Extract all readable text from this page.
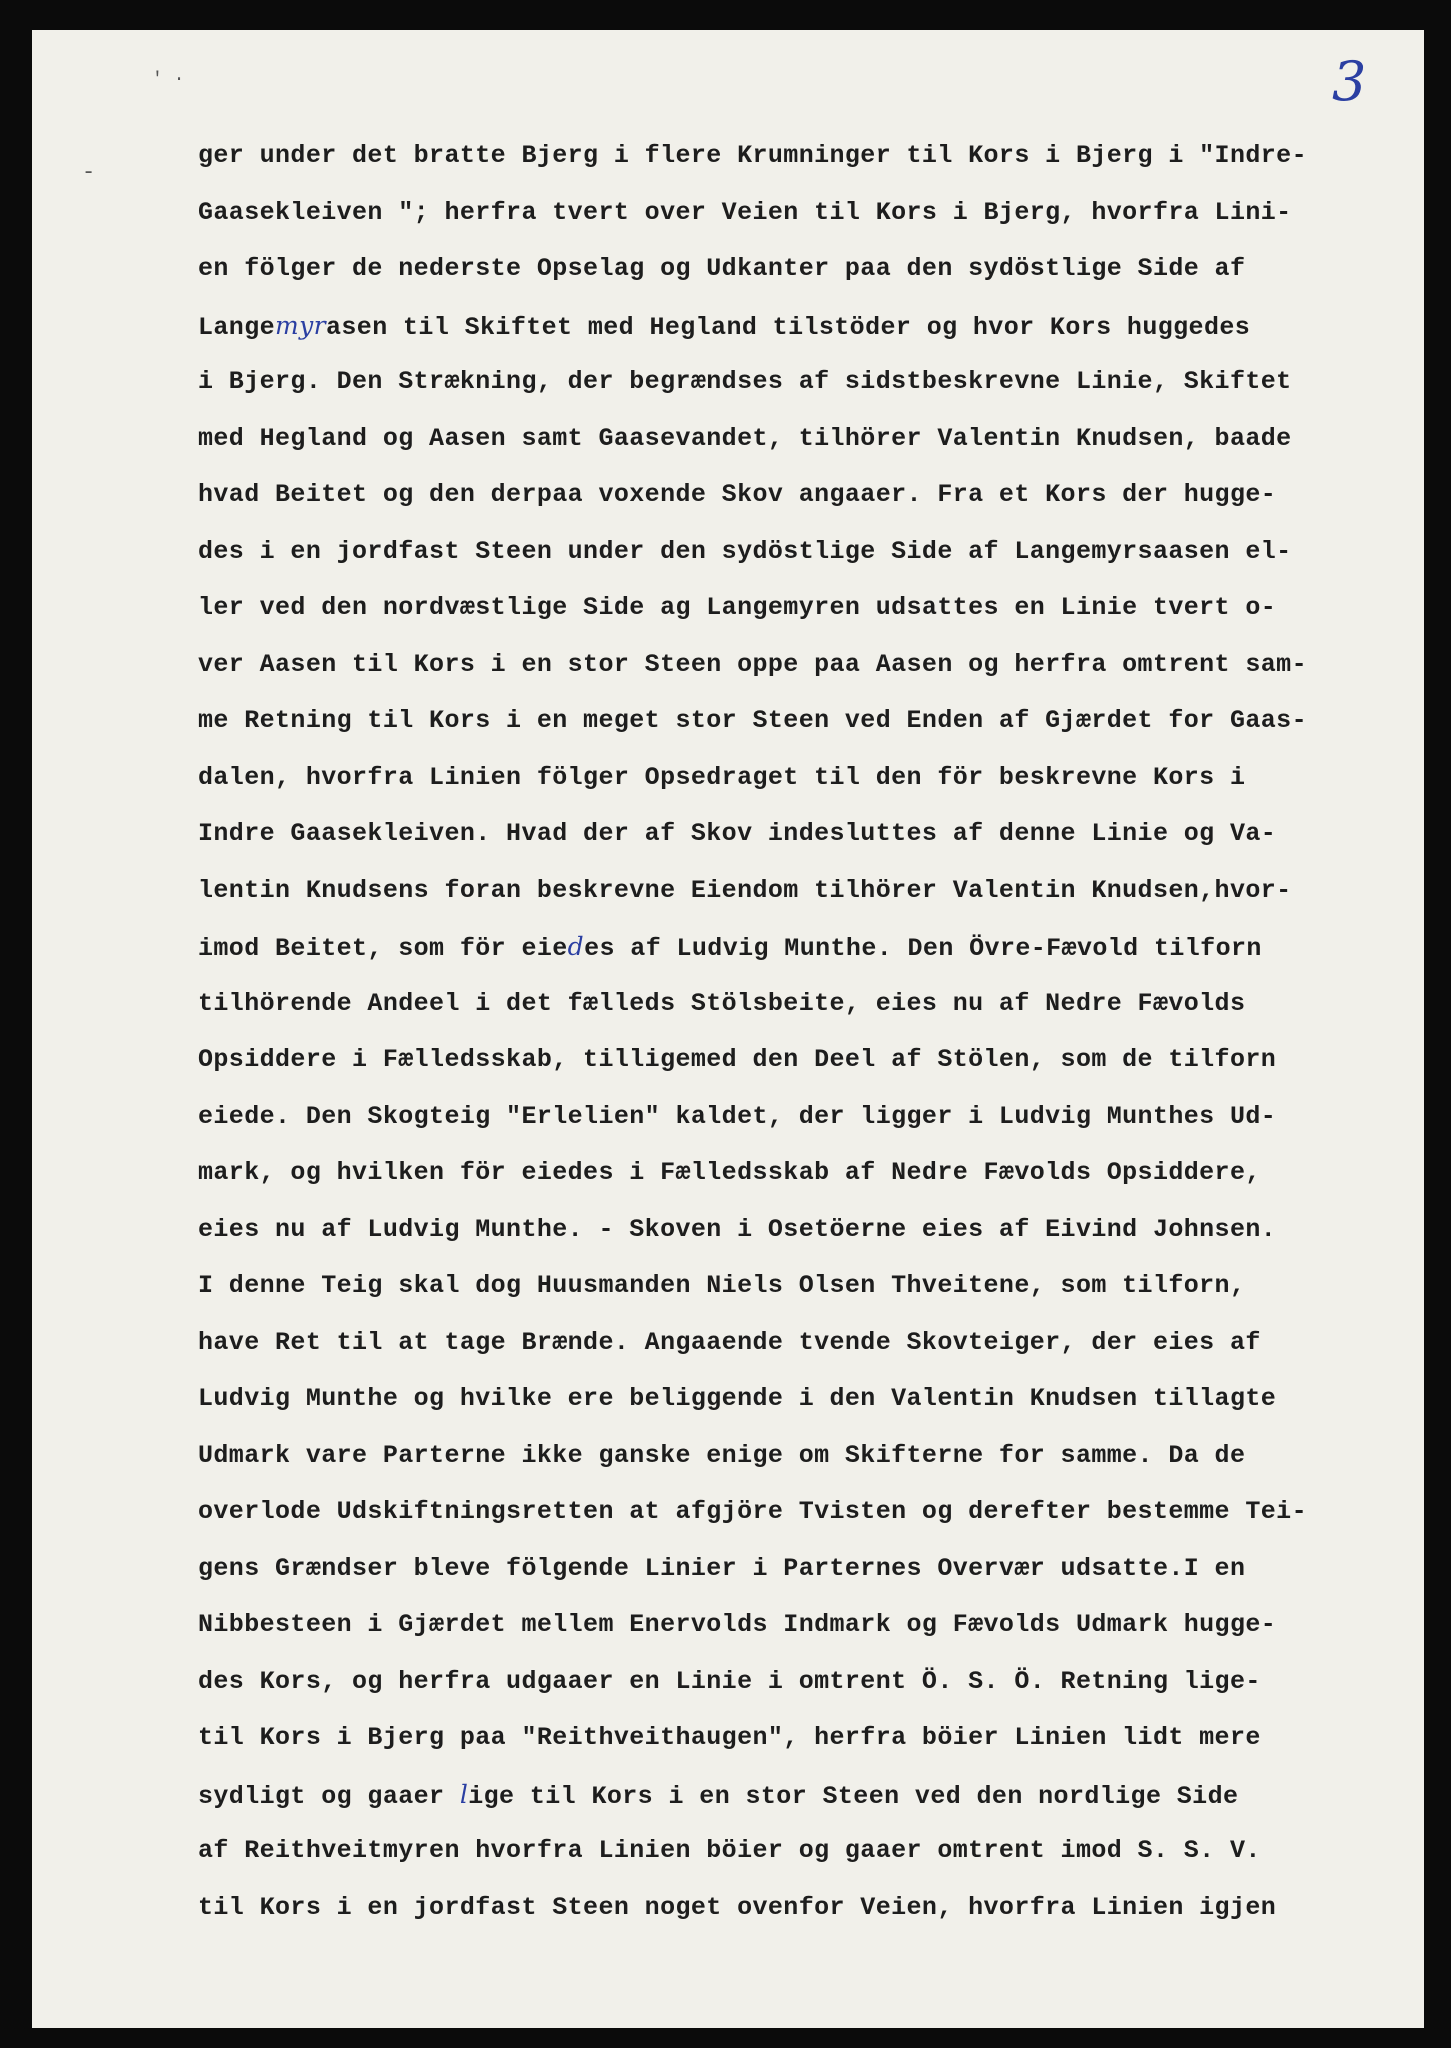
3
' ·
-
ger under det bratte Bjerg i flere Krumninger til Kors i Bjerg i "Indre-
Gaasekleiven "; herfra tvert over Veien til Kors i Bjerg, hvorfra Lini-
en fölger de nederste Opselag og Udkanter paa den sydöstlige Side af
Langemyrasen til Skiftet med Hegland tilstöder og hvor Kors huggedes
i Bjerg. Den Strækning, der begrændses af sidstbeskrevne Linie, Skiftet
med Hegland og Aasen samt Gaasevandet, tilhörer Valentin Knudsen, baade
hvad Beitet og den derpaa voxende Skov angaaer. Fra et Kors der hugge-
des i en jordfast Steen under den sydöstlige Side af Langemyrsaasen el-
ler ved den nordvæstlige Side ag Langemyren udsattes en Linie tvert o-
ver Aasen til Kors i en stor Steen oppe paa Aasen og herfra omtrent sam-
me Retning til Kors i en meget stor Steen ved Enden af Gjærdet for Gaas-
dalen, hvorfra Linien fölger Opsedraget til den för beskrevne Kors i
Indre Gaasekleiven. Hvad der af Skov indesluttes af denne Linie og Va-
lentin Knudsens foran beskrevne Eiendom tilhörer Valentin Knudsen,hvor-
imod Beitet, som för eiedes af Ludvig Munthe. Den Övre-Fævold tilforn
tilhörende Andeel i det fælleds Stölsbeite, eies nu af Nedre Fævolds
Opsiddere i Fælledsskab, tilligemed den Deel af Stölen, som de tilforn
eiede. Den Skogteig "Erlelien" kaldet, der ligger i Ludvig Munthes Ud-
mark, og hvilken för eiedes i Fælledsskab af Nedre Fævolds Opsiddere,
eies nu af Ludvig Munthe. - Skoven i Osetöerne eies af Eivind Johnsen.
I denne Teig skal dog Huusmanden Niels Olsen Thveitene, som tilforn,
have Ret til at tage Brænde. Angaaende tvende Skovteiger, der eies af
Ludvig Munthe og hvilke ere beliggende i den Valentin Knudsen tillagte
Udmark vare Parterne ikke ganske enige om Skifterne for samme. Da de
overlode Udskiftningsretten at afgjöre Tvisten og derefter bestemme Tei-
gens Grændser bleve fölgende Linier i Parternes Overvær udsatte.I en
Nibbesteen i Gjærdet mellem Enervolds Indmark og Fævolds Udmark hugge-
des Kors, og herfra udgaaer en Linie i omtrent Ö. S. Ö. Retning lige-
til Kors i Bjerg paa "Reithveithaugen", herfra böier Linien lidt mere
sydligt og gaaer lige til Kors i en stor Steen ved den nordlige Side
af Reithveitmyren hvorfra Linien böier og gaaer omtrent imod S. S. V.
til Kors i en jordfast Steen noget ovenfor Veien, hvorfra Linien igjen
